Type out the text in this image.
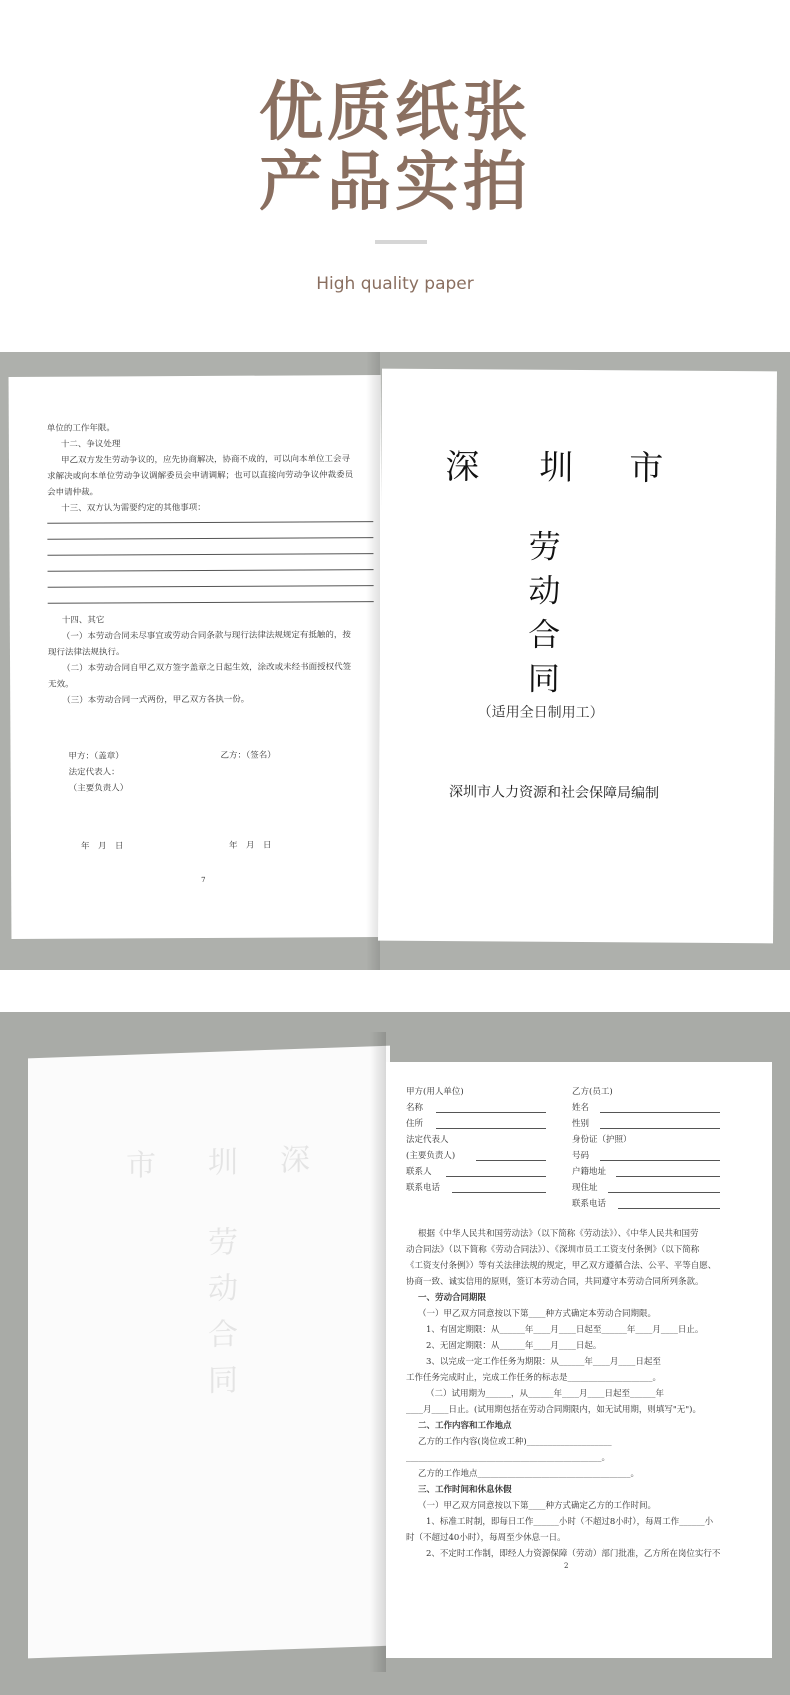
优质纸张
产品实拍
High quality paper
单位的工作年限。
十二、争议处理
甲乙双方发生劳动争议的，应先协商解决，协商不成的，可以向本单位工会寻
求解决或向本单位劳动争议调解委员会申请调解；也可以直接向劳动争议仲裁委员
会申请仲裁。
十三、双方认为需要约定的其他事项：
十四、其它
（一）本劳动合同未尽事宜或劳动合同条款与现行法律法规规定有抵触的，按
现行法律法规执行。
（二）本劳动合同自甲乙双方签字盖章之日起生效，涂改或未经书面授权代签
无效。
（三）本劳动合同一式两份，甲乙双方各执一份。
甲方：（盖章）	乙方：（签名）
法定代表人：
（主要负责人）
年　月　日	年　月　日
7
深 圳 市
劳
动
合
同
（适用全日制用工）
深圳市人力资源和社会保障局编制
深
圳
市
劳
动
合
同
甲方(用人单位)
名称
住所
法定代表人
(主要负责人)
联系人
联系电话
乙方(员工)
姓名
性别
身份证（护照）
号码
户籍地址
现住址
联系电话
根据《中华人民共和国劳动法》（以下简称《劳动法》）、《中华人民共和国劳
动合同法》（以下简称《劳动合同法》）、《深圳市员工工资支付条例》（以下简称
《工资支付条例》）等有关法律法规的规定，甲乙双方遵循合法、公平、平等自愿、
协商一致、诚实信用的原则，签订本劳动合同，共同遵守本劳动合同所列条款。
一、劳动合同期限
（一）甲乙双方同意按以下第____种方式确定本劳动合同期限。
1、有固定期限：从______年____月____日起至______年____月____日止。
2、无固定期限：从______年____月____日起。
3、以完成一定工作任务为期限：从______年____月____日起至
工作任务完成时止，完成工作任务的标志是____________________。
（二）试用期为______，从______年____月____日起至______年
____月____日止。(试用期包括在劳动合同期限内，如无试用期，则填写"无")。
二、工作内容和工作地点
乙方的工作内容(岗位或工种)____________________
______________________________________________。
乙方的工作地点____________________________________。
三、工作时间和休息休假
（一）甲乙双方同意按以下第____种方式确定乙方的工作时间。
1、标准工时制，即每日工作______小时（不超过8小时），每周工作______小
时（不超过40小时），每周至少休息一日。
2、不定时工作制，即经人力资源保障（劳动）部门批准，乙方所在岗位实行不
2
